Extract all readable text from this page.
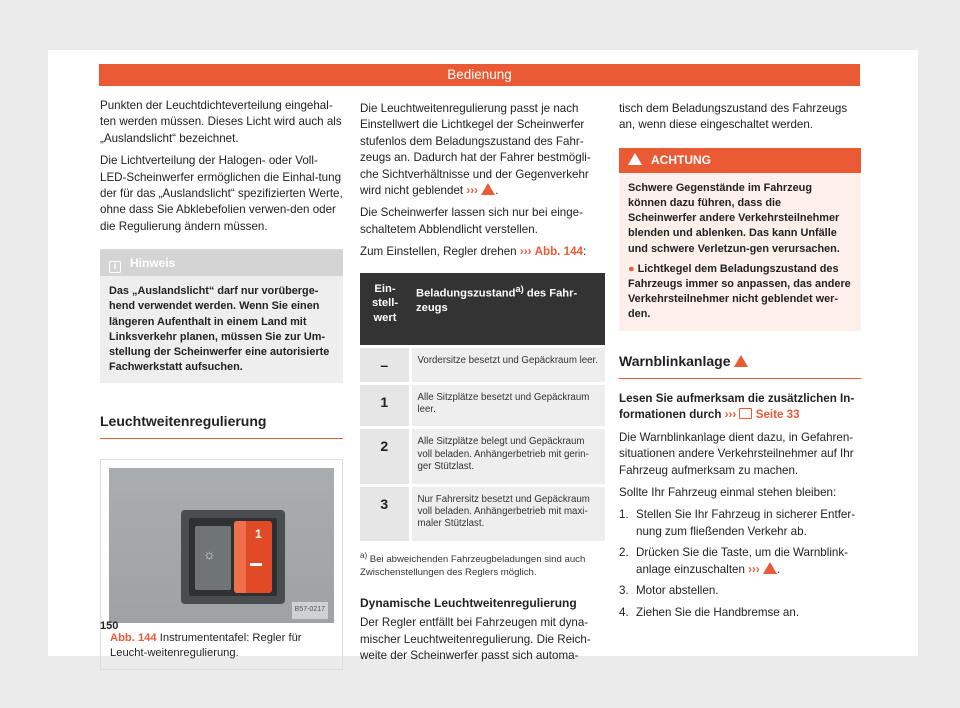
Bedienung

Punkten der Leuchtdichteverteilung eingehal-ten werden müssen. Dieses Licht wird auch als „Auslandslicht“ bezeichnet.

Die Lichtverteilung der Halogen- oder Voll-LED-Scheinwerfer ermöglichen die Einhal-tung der für das „Auslandslicht“ spezifizierten Werte, ohne dass Sie Abklebefolien verwen-den oder die Regulierung ändern müssen.

i Hinweis
Das „Auslandslicht“ darf nur vorüberge-hend verwendet werden. Wenn Sie einen längeren Aufenthalt in einem Land mit Linksverkehr planen, müssen Sie zur Um-stellung der Scheinwerfer eine autorisierte Fachwerkstatt aufsuchen.
Leuchtweitenregulierung
☼
1
B57-0217
Abb. 144 Instrumententafel: Regler für Leucht-weitenregulierung.

Die Leuchtweitenregulierung passt je nach Einstellwert die Lichtkegel der Scheinwerfer stufenlos dem Beladungszustand des Fahr-zeugs an. Dadurch hat der Fahrer bestmögli-che Sichtverhältnisse und der Gegenverkehr wird nicht geblendet ››› .

Die Scheinwerfer lassen sich nur bei einge-schaltetem Abblendlicht verstellen.

Zum Einstellen, Regler drehen ››› Abb. 144:

Ein-stell-wert	Beladungszustand$^{a)}$ des Fahr-zeugs
–	Vordersitze besetzt und Gepäckraum leer.
1	Alle Sitzplätze besetzt und Gepäckraum leer.
2	Alle Sitzplätze belegt und Gepäckraum voll beladen. Anhängerbetrieb mit gerin-ger Stützlast.
3	Nur Fahrersitz besetzt und Gepäckraum voll beladen. Anhängerbetrieb mit maxi-maler Stützlast.
$^{a)}$ Bei abweichenden Fahrzeugbeladungen sind auch Zwischenstellungen des Reglers möglich.
Dynamische Leuchtweitenregulierung

Der Regler entfällt bei Fahrzeugen mit dyna-mischer Leuchtweitenregulierung. Die Reich-weite der Scheinwerfer passt sich automa-

tisch dem Beladungszustand des Fahrzeugs an, wenn diese eingeschaltet werden.

ACHTUNG
Schwere Gegenstände im Fahrzeug können dazu führen, dass die Scheinwerfer andere Verkehrsteilnehmer blenden und ablenken. Das kann Unfälle und schwere Verletzun-gen verursachen.
● Lichtkegel dem Beladungszustand des Fahrzeugs immer so anpassen, das andere Verkehrsteilnehmer nicht geblendet wer-den.
Warnblinkanlage

Lesen Sie aufmerksam die zusätzlichen In-formationen durch ››› Seite 33

Die Warnblinkanlage dient dazu, in Gefahren-situationen andere Verkehrsteilnehmer auf Ihr Fahrzeug aufmerksam zu machen.

Sollte Ihr Fahrzeug einmal stehen bleiben:

1. Stellen Sie Ihr Fahrzeug in sicherer Entfer-nung zum fließenden Verkehr ab.
2. Drücken Sie die Taste, um die Warnblink-anlage einzuschalten ››› .
3. Motor abstellen.
4. Ziehen Sie die Handbremse an.
150
